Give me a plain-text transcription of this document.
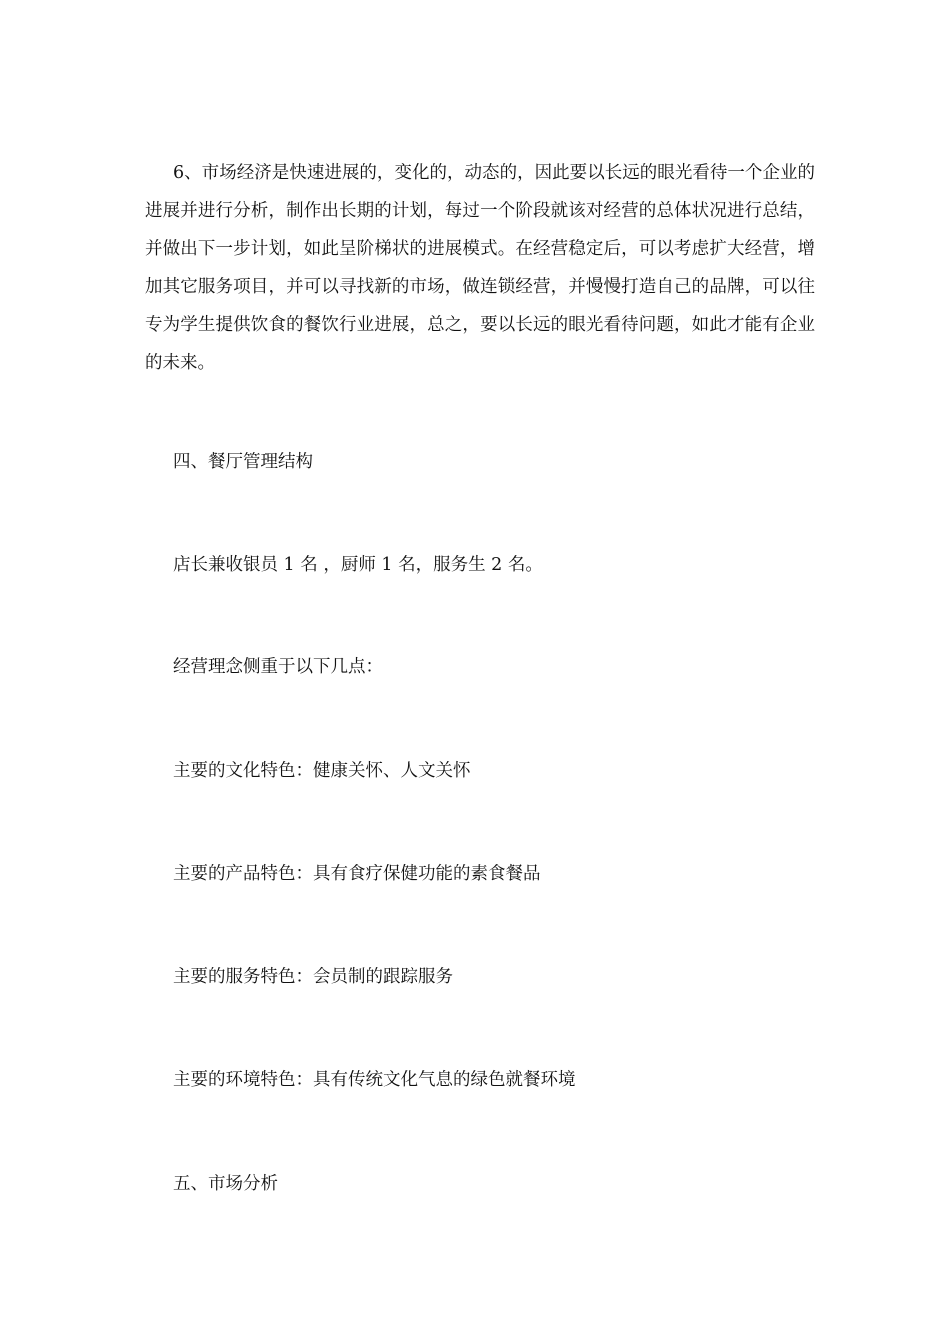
6、市场经济是快速进展的，变化的，动态的，因此要以长远的眼光看待一个企业的进展并进行分析，制作出长期的计划，每过一个阶段就该对经营的总体状况进行总结，并做出下一步计划，如此呈阶梯状的进展模式。在经营稳定后，可以考虑扩大经营，增加其它服务项目，并可以寻找新的市场，做连锁经营，并慢慢打造自己的品牌，可以往专为学生提供饮食的餐饮行业进展，总之，要以长远的眼光看待问题，如此才能有企业的未来。

四、餐厅管理结构

店长兼收银员 1 名 ，厨师 1 名，服务生 2 名。

经营理念侧重于以下几点：

主要的文化特色：健康关怀、人文关怀

主要的产品特色：具有食疗保健功能的素食餐品

主要的服务特色：会员制的跟踪服务

主要的环境特色：具有传统文化气息的绿色就餐环境

五、市场分析
